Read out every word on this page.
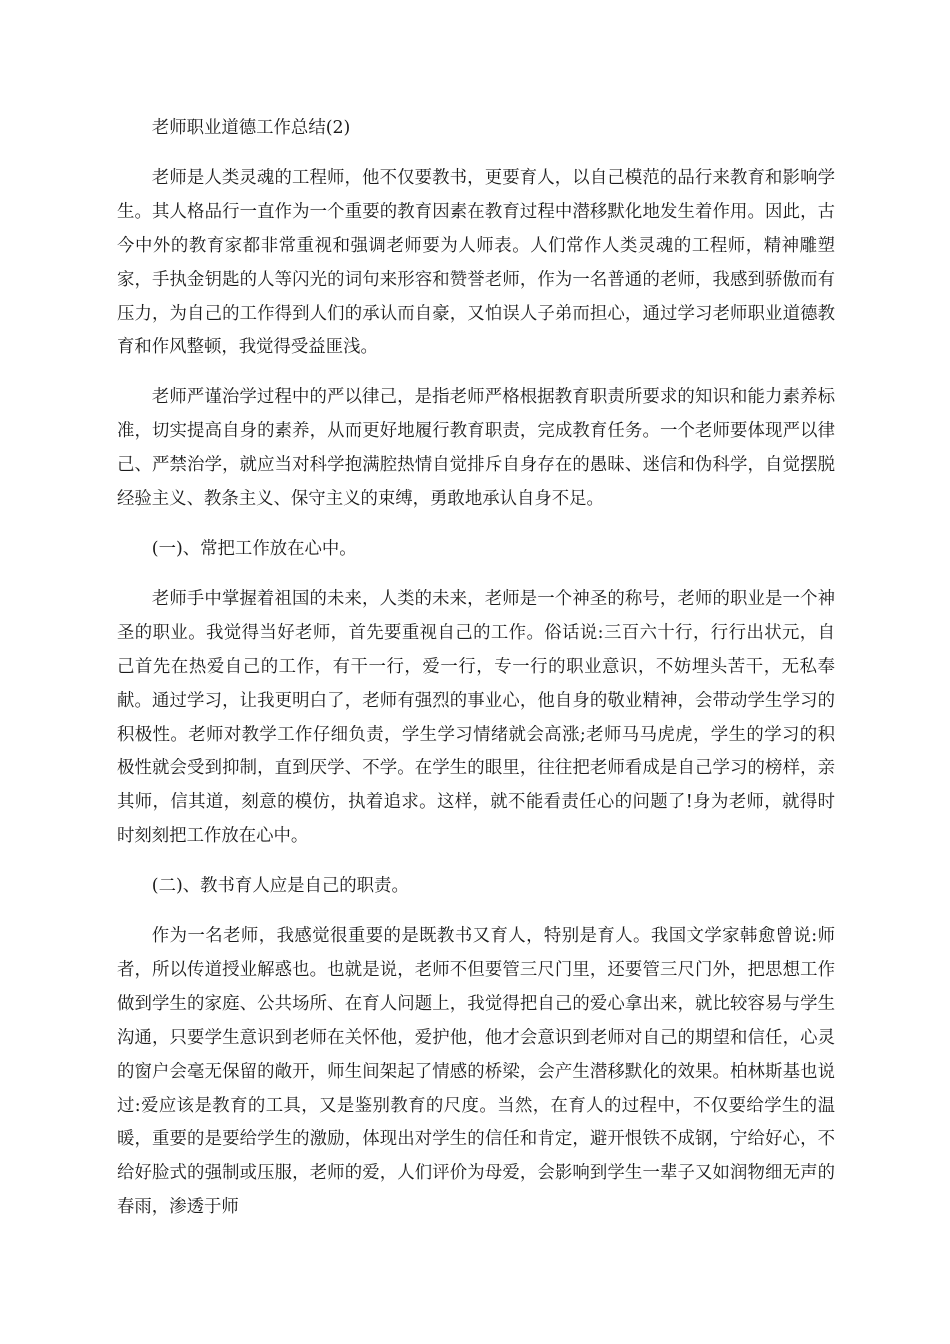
老师职业道德工作总结(2)

老师是人类灵魂的工程师，他不仅要教书，更要育人，以自己模范的品行来教育和影响学生。其人格品行一直作为一个重要的教育因素在教育过程中潜移默化地发生着作用。因此，古今中外的教育家都非常重视和强调老师要为人师表。人们常作人类灵魂的工程师，精神雕塑家，手执金钥匙的人等闪光的词句来形容和赞誉老师，作为一名普通的老师，我感到骄傲而有压力，为自己的工作得到人们的承认而自豪，又怕误人子弟而担心，通过学习老师职业道德教育和作风整顿，我觉得受益匪浅。

老师严谨治学过程中的严以律己，是指老师严格根据教育职责所要求的知识和能力素养标准，切实提高自身的素养，从而更好地履行教育职责，完成教育任务。一个老师要体现严以律己、严禁治学，就应当对科学抱满腔热情自觉排斥自身存在的愚昧、迷信和伪科学，自觉摆脱经验主义、教条主义、保守主义的束缚，勇敢地承认自身不足。

(一)、常把工作放在心中。

老师手中掌握着祖国的未来，人类的未来，老师是一个神圣的称号，老师的职业是一个神圣的职业。我觉得当好老师，首先要重视自己的工作。俗话说:三百六十行，行行出状元，自己首先在热爱自己的工作，有干一行，爱一行，专一行的职业意识，不妨埋头苦干，无私奉献。通过学习，让我更明白了，老师有强烈的事业心，他自身的敬业精神，会带动学生学习的积极性。老师对教学工作仔细负责，学生学习情绪就会高涨;老师马马虎虎，学生的学习的积极性就会受到抑制，直到厌学、不学。在学生的眼里，往往把老师看成是自己学习的榜样，亲其师，信其道，刻意的模仿，执着追求。这样，就不能看责任心的问题了!身为老师，就得时时刻刻把工作放在心中。

(二)、教书育人应是自己的职责。

作为一名老师，我感觉很重要的是既教书又育人，特别是育人。我国文学家韩愈曾说:师者，所以传道授业解惑也。也就是说，老师不但要管三尺门里，还要管三尺门外，把思想工作做到学生的家庭、公共场所、在育人问题上，我觉得把自己的爱心拿出来，就比较容易与学生沟通，只要学生意识到老师在关怀他，爱护他，他才会意识到老师对自己的期望和信任，心灵的窗户会毫无保留的敞开，师生间架起了情感的桥梁，会产生潜移默化的效果。柏林斯基也说过:爱应该是教育的工具，又是鉴别教育的尺度。当然，在育人的过程中，不仅要给学生的温暖，重要的是要给学生的激励，体现出对学生的信任和肯定，避开恨铁不成钢，宁给好心，不给好脸式的强制或压服，老师的爱，人们评价为母爱，会影响到学生一辈子又如润物细无声的春雨，渗透于师
